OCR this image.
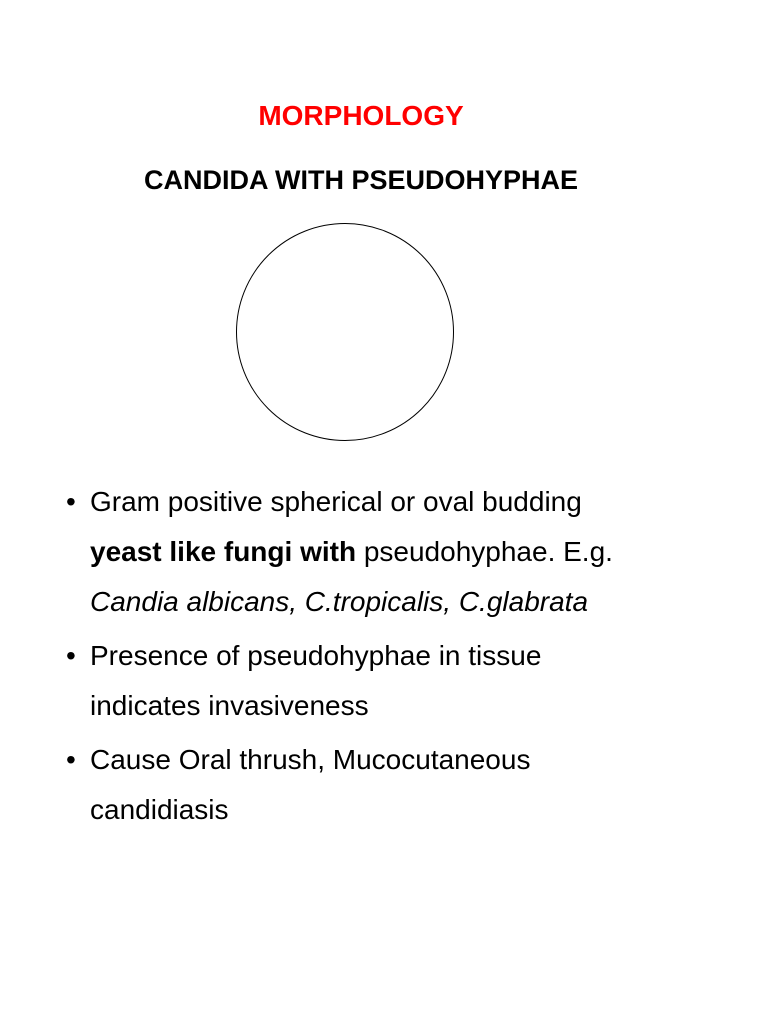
MORPHOLOGY
CANDIDA WITH PSEUDOHYPHAE
• Gram positive spherical or oval budding
yeast like fungi with pseudohyphae. E.g.
Candia albicans, C.tropicalis, C.glabrata
• Presence of pseudohyphae in tissue
indicates invasiveness
• Cause Oral thrush, Mucocutaneous
candidiasis
